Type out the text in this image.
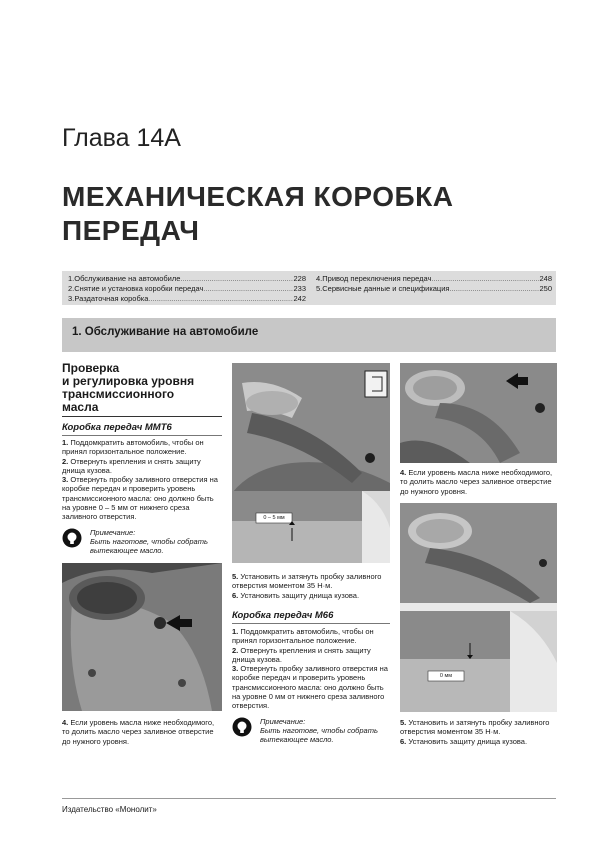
Глава 14A
МЕХАНИЧЕСКАЯ КОРОБКА
ПЕРЕДАЧ
1. Обслуживание на автомобиле .....	228
2. Снятие и установка коробки передач .....	233
3. Раздаточная коробка .....	242
4. Привод переключения передач .....	248
5. Сервисные данные и спецификация .....	250
1. Обслуживание на автомобиле
Проверка
и регулировка уровня
трансмиссионного
масла
Коробка передач MMT6
1. Поддомкратить автомобиль, чтобы он принял горизонтальное положение.
2. Отвернуть крепления и снять защиту днища кузова.
3. Отвернуть пробку заливного отверстия на коробке передач и проверить уровень трансмиссионного масла: оно должно быть на уровне 0 – 5 мм от нижнего среза заливного отверстия.
Примечание:
Быть наготове, чтобы собрать вытекающее масло.
4. Если уровень масла ниже необходимого, то долить масло через заливное отверстие до нужного уровня.
0 – 5 мм
5. Установить и затянуть пробку заливного отверстия моментом 35 Н·м.
6. Установить защиту днища кузова.
Коробка передач M66
1. Поддомкратить автомобиль, чтобы он принял горизонтальное положение.
2. Отвернуть крепления и снять защиту днища кузова.
3. Отвернуть пробку заливного отверстия на коробке передач и проверить уровень трансмиссионного масла: оно должно быть на уровне 0 мм от нижнего среза заливного отверстия.
Примечание:
Быть наготове, чтобы собрать вытекающее масло.
4. Если уровень масла ниже необходимого, то долить масло через заливное отверстие до нужного уровня.
0 мм
5. Установить и затянуть пробку заливного отверстия моментом 35 Н·м.
6. Установить защиту днища кузова.
Издательство «Монолит»
